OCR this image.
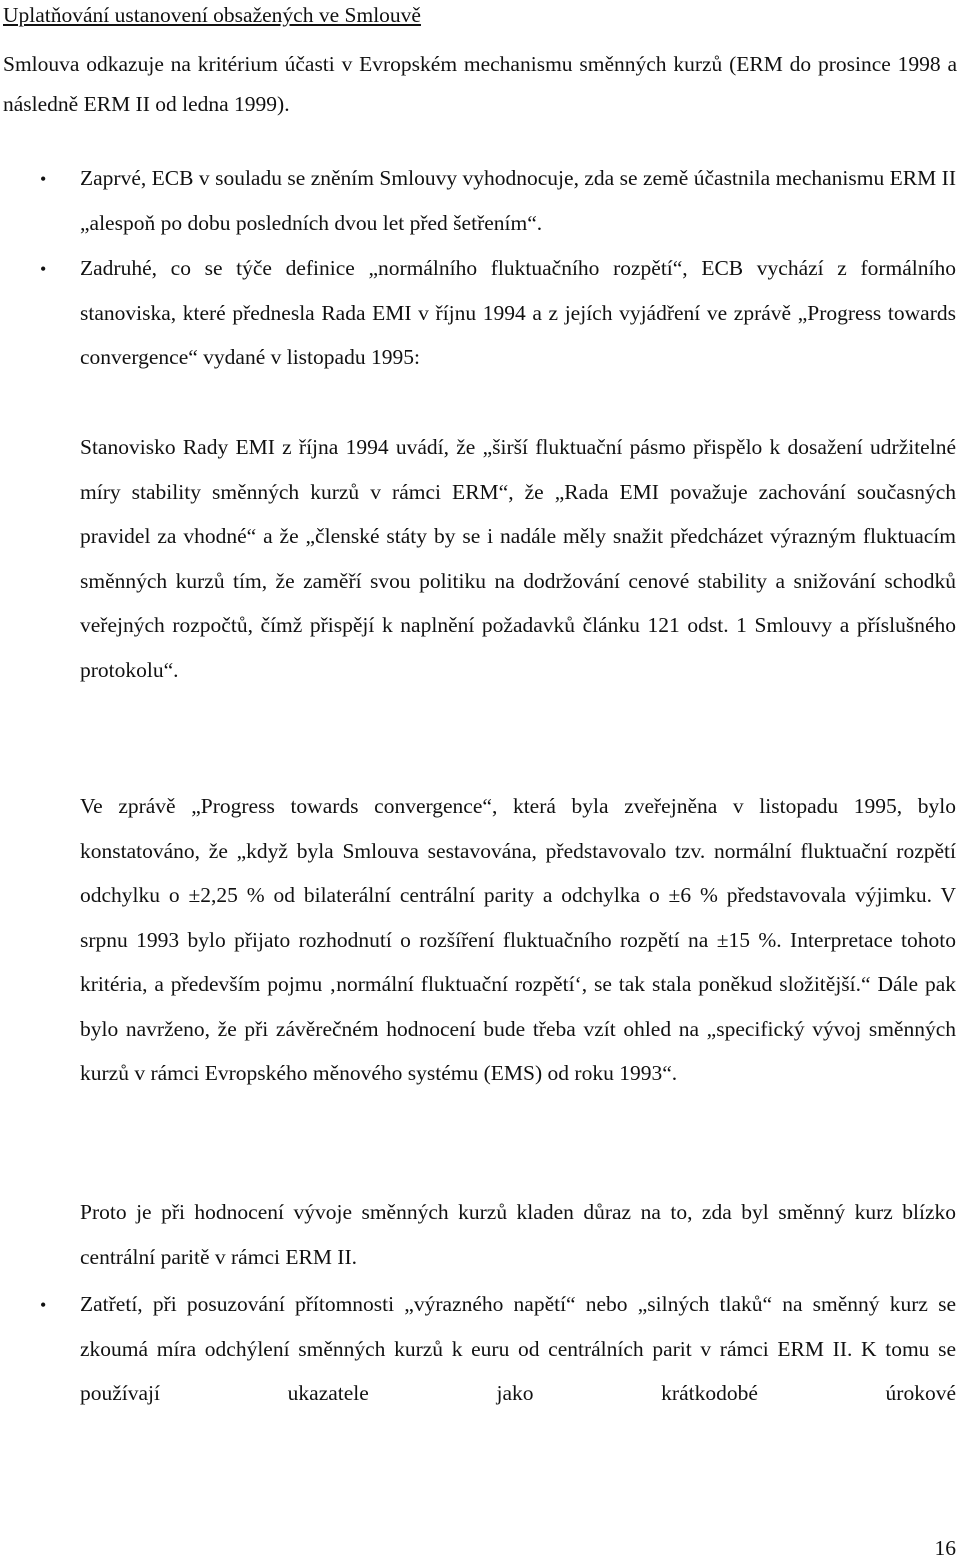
Uplatňování ustanovení obsažených ve Smlouvě
Smlouva odkazuje na kritérium účasti v Evropském mechanismu směnných kurzů (ERM do prosince 1998 a následně ERM II od ledna 1999).
• Zaprvé, ECB v souladu se zněním Smlouvy vyhodnocuje, zda se země účastnila mechanismu ERM II „alespoň po dobu posledních dvou let před šetřením“.
• Zadruhé, co se týče definice „normálního fluktuačního rozpětí“, ECB vychází z formálního stanoviska, které přednesla Rada EMI v říjnu 1994 a z jejích vyjádření ve zprávě „Progress towards convergence“ vydané v listopadu 1995:
Stanovisko Rady EMI z října 1994 uvádí, že „širší fluktuační pásmo přispělo k dosažení udržitelné míry stability směnných kurzů v rámci ERM“, že „Rada EMI považuje zachování současných pravidel za vhodné“ a že „členské státy by se i nadále měly snažit předcházet výrazným fluktuacím směnných kurzů tím, že zaměří svou politiku na dodržování cenové stability a snižování schodků veřejných rozpočtů, čímž přispějí k naplnění požadavků článku 121 odst. 1 Smlouvy a příslušného protokolu“.
Ve zprávě „Progress towards convergence“, která byla zveřejněna v listopadu 1995, bylo konstatováno, že „když byla Smlouva sestavována, představovalo tzv. normální fluktuační rozpětí odchylku o ±2,25 % od bilaterální centrální parity a odchylka o ±6 % představovala výjimku. V srpnu 1993 bylo přijato rozhodnutí o rozšíření fluktuačního rozpětí na ±15 %. Interpretace tohoto kritéria, a především pojmu ‚normální fluktuační rozpětí‘, se tak stala poněkud složitější.“ Dále pak bylo navrženo, že při závěrečném hodnocení bude třeba vzít ohled na „specifický vývoj směnných kurzů v rámci Evropského měnového systému (EMS) od roku 1993“.
Proto je při hodnocení vývoje směnných kurzů kladen důraz na to, zda byl směnný kurz blízko centrální paritě v rámci ERM II.
• Zatřetí, při posuzování přítomnosti „výrazného napětí“ nebo „silných tlaků“ na směnný kurz se zkoumá míra odchýlení směnných kurzů k euru od centrálních parit v rámci ERM II. K tomu se používají ukazatele jako krátkodobé úrokové
16
